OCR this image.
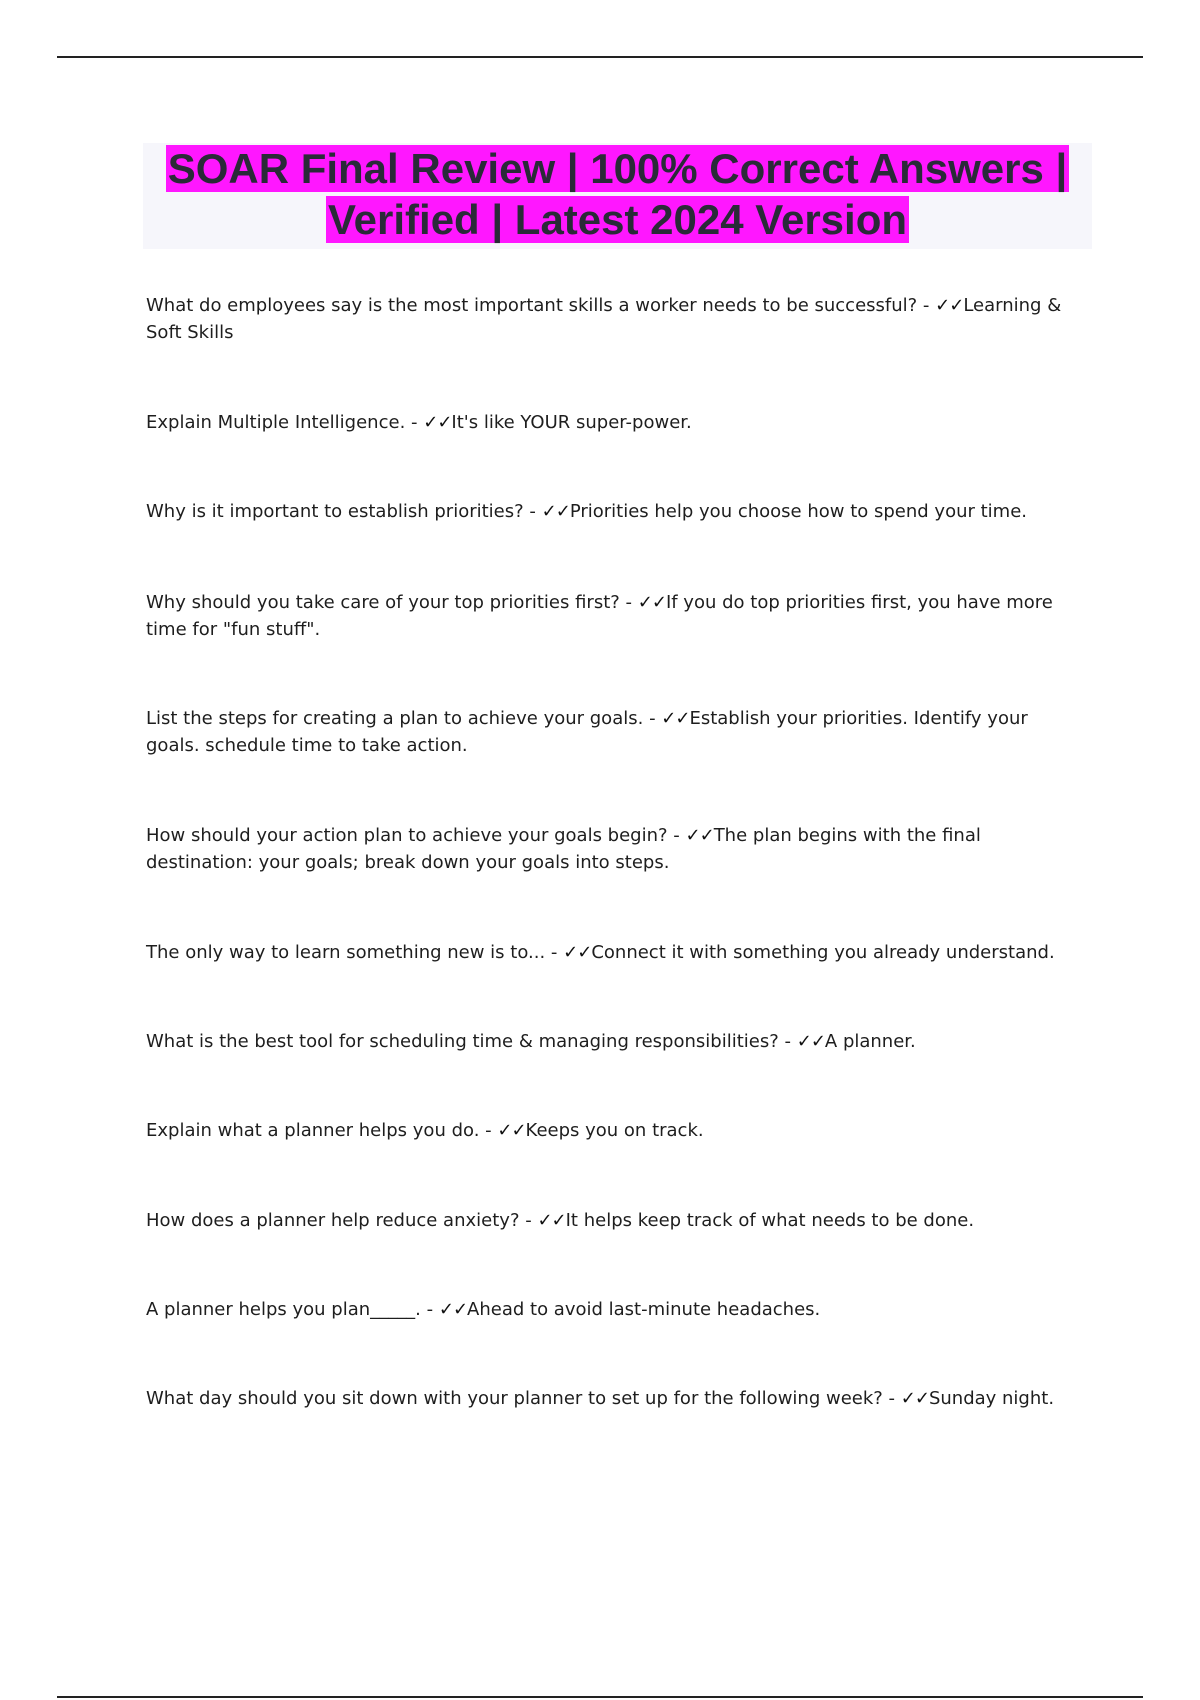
SOAR Final Review | 100% Correct Answers | Verified | Latest 2024 Version

What do employees say is the most important skills a worker needs to be successful? - ✓✓Learning & Soft Skills

Explain Multiple Intelligence. - ✓✓It's like YOUR super-power.

Why is it important to establish priorities? - ✓✓Priorities help you choose how to spend your time.

Why should you take care of your top priorities first? - ✓✓If you do top priorities first, you have more time for "fun stuff".

List the steps for creating a plan to achieve your goals. - ✓✓Establish your priorities. Identify your goals. schedule time to take action.

How should your action plan to achieve your goals begin? - ✓✓The plan begins with the final destination: your goals; break down your goals into steps.

The only way to learn something new is to... - ✓✓Connect it with something you already understand.

What is the best tool for scheduling time & managing responsibilities? - ✓✓A planner.

Explain what a planner helps you do. - ✓✓Keeps you on track.

How does a planner help reduce anxiety? - ✓✓It helps keep track of what needs to be done.

A planner helps you plan_____. - ✓✓Ahead to avoid last-minute headaches.

What day should you sit down with your planner to set up for the following week? - ✓✓Sunday night.
